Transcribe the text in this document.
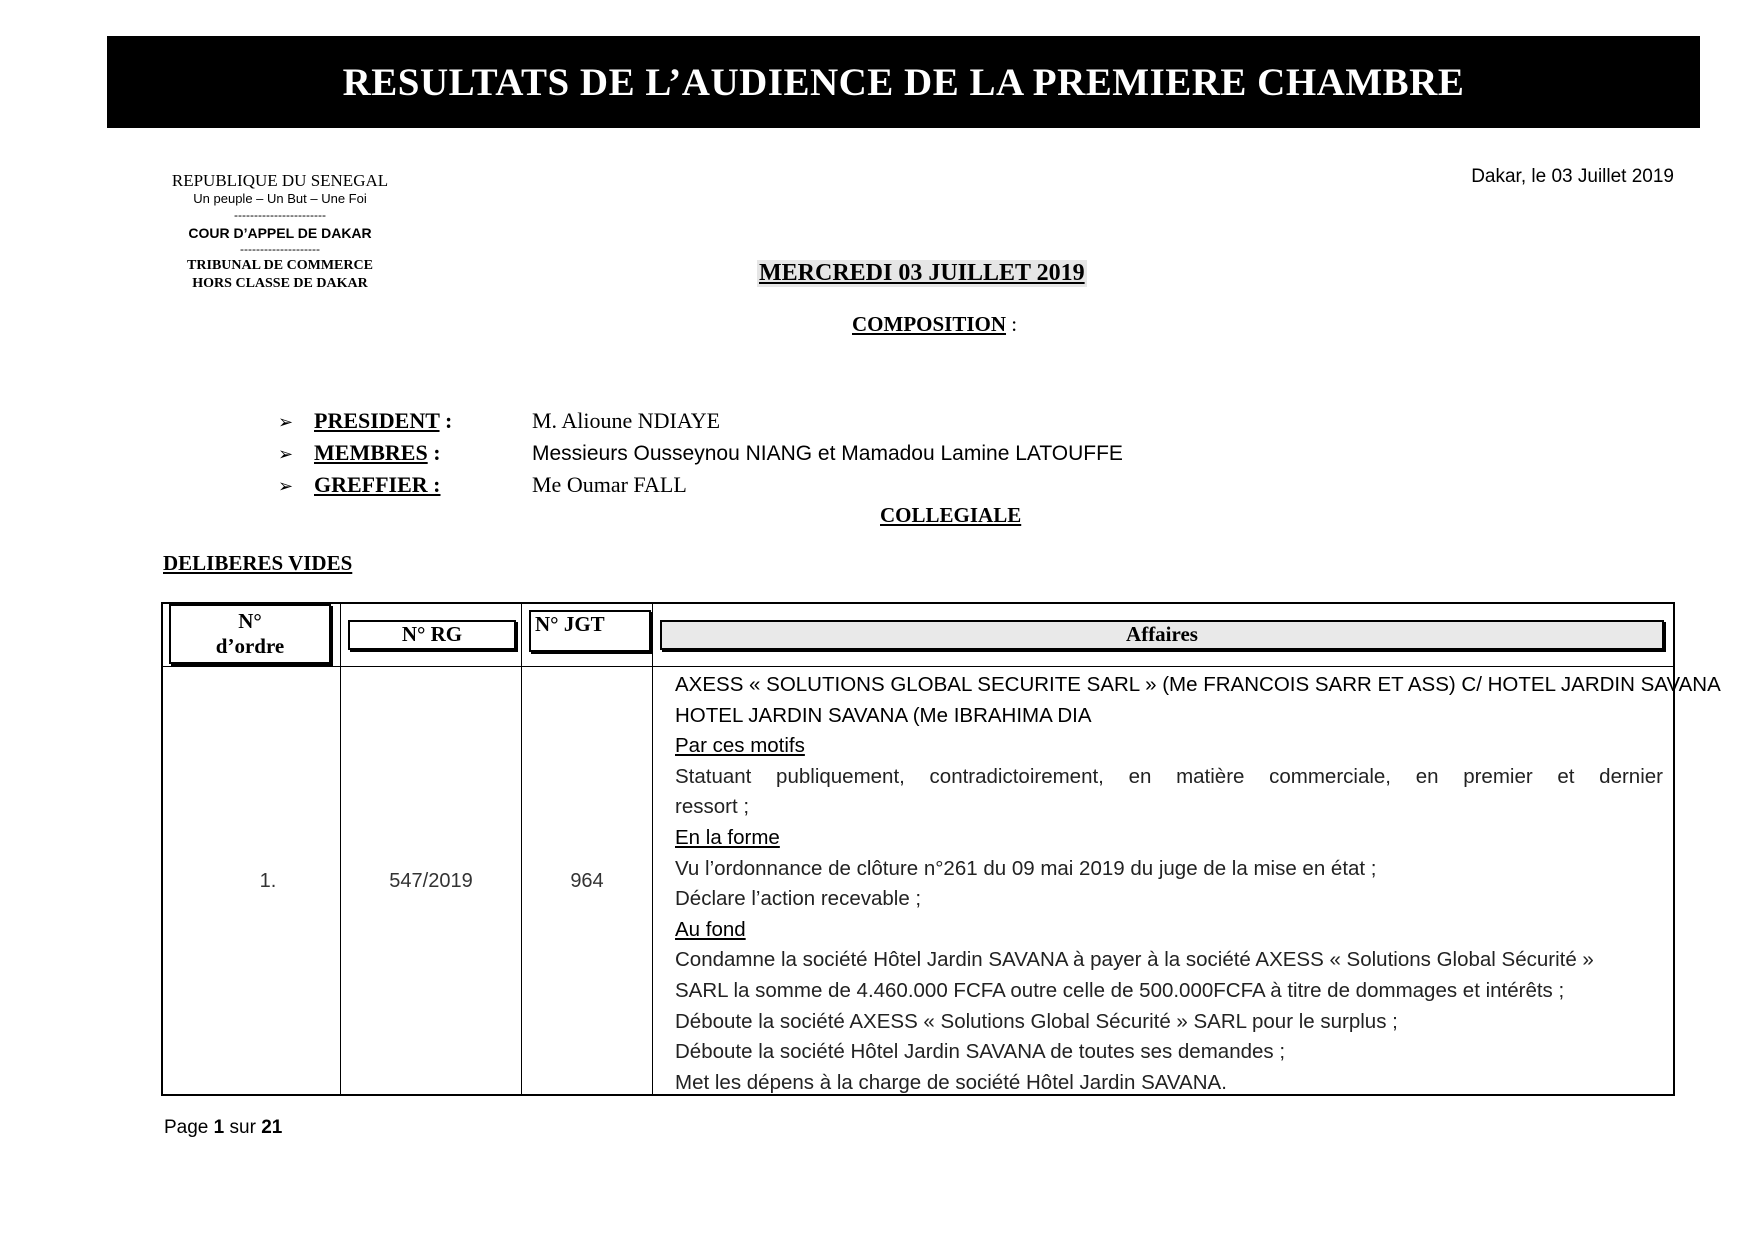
RESULTATS DE L’AUDIENCE DE LA PREMIERE CHAMBRE
REPUBLIQUE DU SENEGAL
Un peuple – Un But – Une Foi
-----------------------
COUR D’APPEL DE DAKAR
--------------------
TRIBUNAL DE COMMERCE
HORS CLASSE DE DAKAR
Dakar, le 03 Juillet 2019
MERCREDI 03 JUILLET 2019
COMPOSITION :
➢ PRESIDENT :	M. Alioune NDIAYE
➢ MEMBRES :	Messieurs Ousseynou NIANG et Mamadou Lamine LATOUFFE
➢ GREFFIER :	Me Oumar FALL
COLLEGIALE
DELIBERES VIDES
N°
d’ordre	N° RG	N° JGT	Affaires
1.	547/2019	964
AXESS « SOLUTIONS GLOBAL SECURITE SARL » (Me FRANCOIS SARR ET ASS) C/ HOTEL JARDIN SAVANA
HOTEL JARDIN SAVANA (Me IBRAHIMA DIA
Par ces motifs
Statuant publiquement, contradictoirement, en matière commerciale, en premier et dernier
ressort ;
En la forme
Vu l’ordonnance de clôture n°261 du 09 mai 2019 du juge de la mise en état ;
Déclare l’action recevable ;
Au fond
Condamne la société Hôtel Jardin SAVANA à payer à la société AXESS « Solutions Global Sécurité »
SARL la somme de 4.460.000 FCFA outre celle de 500.000FCFA à titre de dommages et intérêts ;
Déboute la société AXESS « Solutions Global Sécurité » SARL pour le surplus ;
Déboute la société Hôtel Jardin SAVANA de toutes ses demandes ;
Met les dépens à la charge de société Hôtel Jardin SAVANA.
Page 1 sur 21
